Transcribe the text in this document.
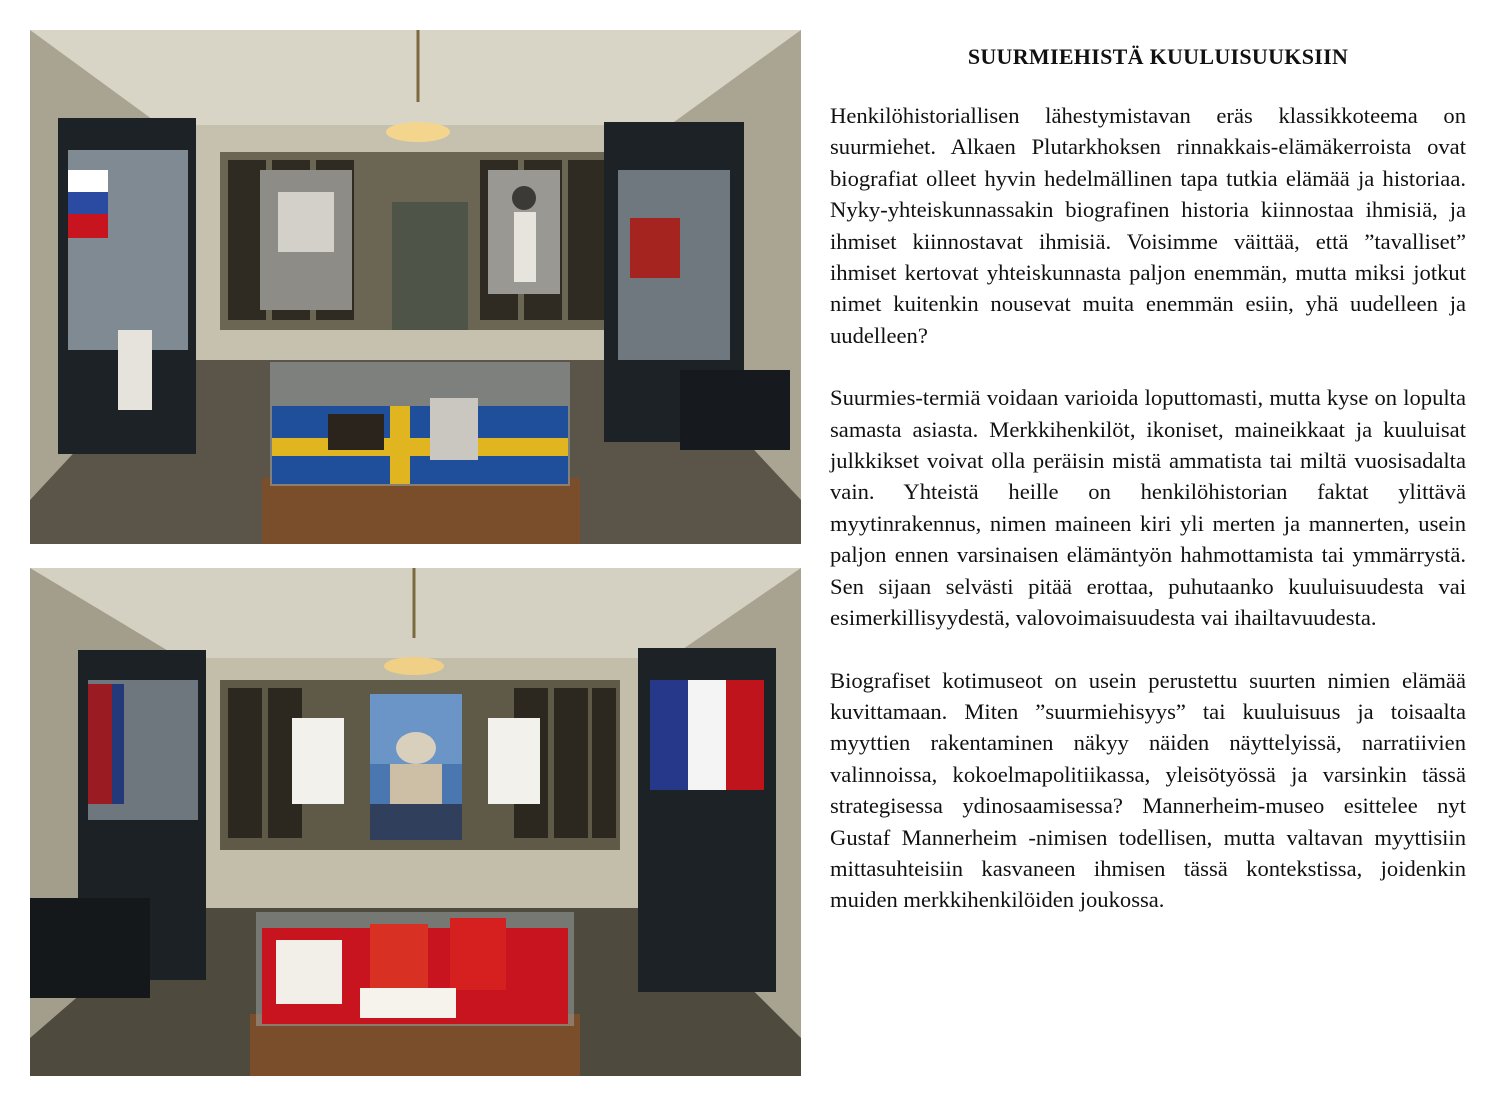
SUURMIEHISTÄ KUULUISUUKSIIN

Henkilöhistoriallisen lähestymistavan eräs klassikkoteema on suurmiehet. Alkaen Plutarkhoksen rinnakkais-elämäkerroista ovat biografiat olleet hyvin hedelmällinen tapa tutkia elämää ja historiaa. Nyky-yhteiskunnassakin biografinen historia kiinnostaa ihmisiä, ja ihmiset kiinnostavat ihmisiä. Voisimme väittää, että ”tavalliset” ihmiset kertovat yhteiskunnasta paljon enemmän, mutta miksi jotkut nimet kuitenkin nousevat muita enemmän esiin, yhä uudelleen ja uudelleen?

Suurmies-termiä voidaan varioida loputtomasti, mutta kyse on lopulta samasta asiasta. Merkkihenkilöt, ikoniset, maineikkaat ja kuuluisat julkkikset voivat olla peräisin mistä ammatista tai miltä vuosisadalta vain. Yhteistä heille on henkilöhistorian faktat ylittävä myytinrakennus, nimen maineen kiri yli merten ja mannerten, usein paljon ennen varsinaisen elämäntyön hahmottamista tai ymmärrystä. Sen sijaan selvästi pitää erottaa, puhutaanko kuuluisuudesta vai esimerkillisyydestä, valovoimaisuudesta vai ihailtavuudesta.

Biografiset kotimuseot on usein perustettu suurten nimien elämää kuvittamaan. Miten ”suurmiehisyys” tai kuuluisuus ja toisaalta myyttien rakentaminen näkyy näiden näyttelyissä, narratiivien valinnoissa, kokoelmapolitiikassa, yleisötyössä ja varsinkin tässä strategisessa ydinosaamisessa? Mannerheim-museo esittelee nyt Gustaf Mannerheim -nimisen todellisen, mutta valtavan myyttisiin mittasuhteisiin kasvaneen ihmisen tässä kontekstissa, joidenkin muiden merkkihenkilöiden joukossa.
